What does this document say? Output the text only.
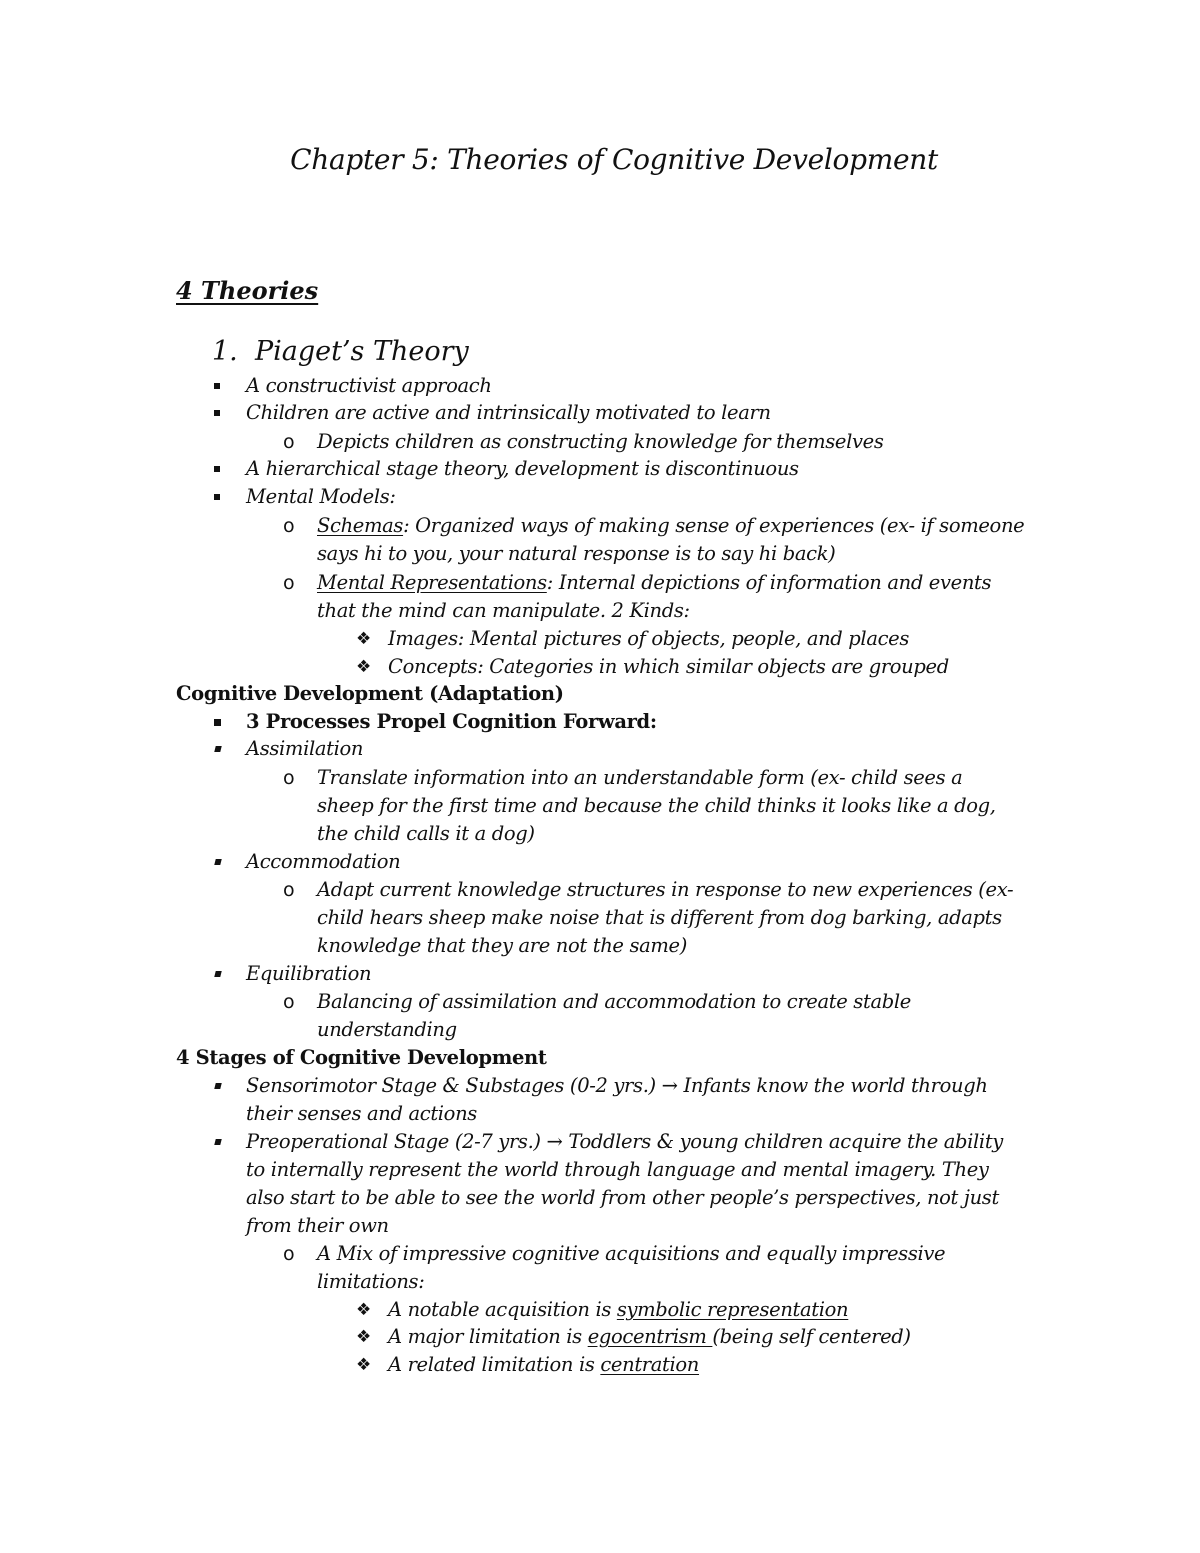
Chapter 5: Theories of Cognitive Development
4 Theories
1. Piaget’s Theory
A constructivist approach
Children are active and intrinsically motivated to learn
o Depicts children as constructing knowledge for themselves
A hierarchical stage theory, development is discontinuous
Mental Models:
o Schemas: Organized ways of making sense of experiences (ex- if someone
says hi to you, your natural response is to say hi back)
o Mental Representations: Internal depictions of information and events
that the mind can manipulate. 2 Kinds:
❖ Images: Mental pictures of objects, people, and places
❖ Concepts: Categories in which similar objects are grouped
Cognitive Development (Adaptation)
3 Processes Propel Cognition Forward:
Assimilation
o Translate information into an understandable form (ex- child sees a
sheep for the first time and because the child thinks it looks like a dog,
the child calls it a dog)
Accommodation
o Adapt current knowledge structures in response to new experiences (ex-
child hears sheep make noise that is different from dog barking, adapts
knowledge that they are not the same)
Equilibration
o Balancing of assimilation and accommodation to create stable
understanding
4 Stages of Cognitive Development
Sensorimotor Stage & Substages (0-2 yrs.) → Infants know the world through
their senses and actions
Preoperational Stage (2-7 yrs.) → Toddlers & young children acquire the ability
to internally represent the world through language and mental imagery. They
also start to be able to see the world from other people’s perspectives, not just
from their own
o A Mix of impressive cognitive acquisitions and equally impressive
limitations:
❖ A notable acquisition is symbolic representation
❖ A major limitation is egocentrism (being self centered)
❖ A related limitation is centration
